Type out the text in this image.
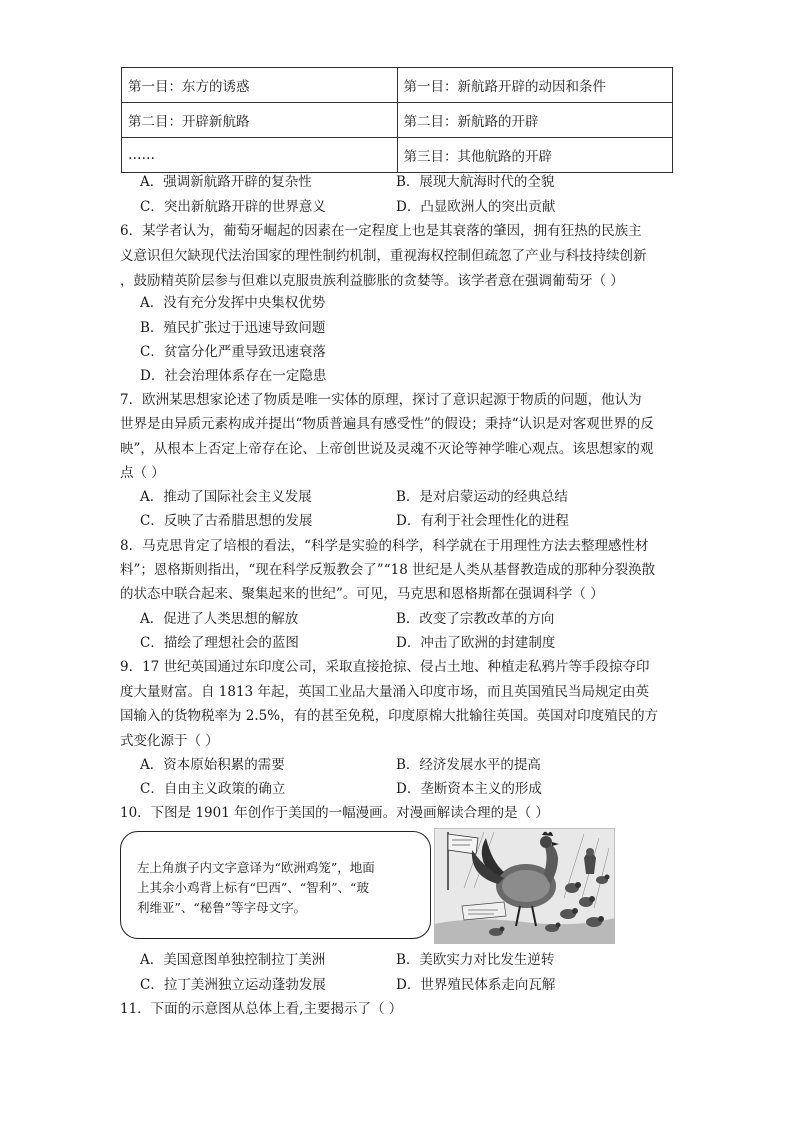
第一目：东方的诱惑	第一目：新航路开辟的动因和条件
第二目：开辟新航路	第二目：新航路的开辟
……	第三目：其他航路的开辟
A．强调新航路开辟的复杂性	B．展现大航海时代的全貌
C．突出新航路开辟的世界意义	D．凸显欧洲人的突出贡献
6．某学者认为，葡萄牙崛起的因素在一定程度上也是其衰落的肇因，拥有狂热的民族主
义意识但欠缺现代法治国家的理性制约机制，重视海权控制但疏忽了产业与科技持续创新
，鼓励精英阶层参与但难以克服贵族利益膨胀的贪婪等。该学者意在强调葡萄牙（ ）
A．没有充分发挥中央集权优势
B．殖民扩张过于迅速导致问题
C．贫富分化严重导致迅速衰落
D．社会治理体系存在一定隐患
7．欧洲某思想家论述了物质是唯一实体的原理，探讨了意识起源于物质的问题，他认为
世界是由异质元素构成并提出“物质普遍具有感受性”的假设；秉持“认识是对客观世界的反
映”，从根本上否定上帝存在论、上帝创世说及灵魂不灭论等神学唯心观点。该思想家的观
点（ ）
A．推动了国际社会主义发展	B．是对启蒙运动的经典总结
C．反映了古希腊思想的发展	D．有利于社会理性化的进程
8．马克思肯定了培根的看法，“科学是实验的科学，科学就在于用理性方法去整理感性材
料”；恩格斯则指出，“现在科学反叛教会了”“18 世纪是人类从基督教造成的那种分裂涣散
的状态中联合起来、聚集起来的世纪”。可见，马克思和恩格斯都在强调科学（ ）
A．促进了人类思想的解放	B．改变了宗教改革的方向
C．描绘了理想社会的蓝图	D．冲击了欧洲的封建制度
9．17 世纪英国通过东印度公司，采取直接抢掠、侵占土地、种植走私鸦片等手段掠夺印
度大量财富。自 1813 年起，英国工业品大量涌入印度市场，而且英国殖民当局规定由英
国输入的货物税率为 2.5%，有的甚至免税，印度原棉大批输往英国。英国对印度殖民的方
式变化源于（ ）
A．资本原始积累的需要	B．经济发展水平的提高
C．自由主义政策的确立	D．垄断资本主义的形成
10．下图是 1901 年创作于美国的一幅漫画。对漫画解读合理的是（ ）
左上角旗子内文字意译为“欧洲鸡笼”，地面
上其余小鸡背上标有“巴西”、“智利”、“玻
利维亚”、“秘鲁”等字母文字。
A．美国意图单独控制拉丁美洲	B．美欧实力对比发生逆转
C．拉丁美洲独立运动蓬勃发展	D．世界殖民体系走向瓦解
11．下面的示意图从总体上看,主要揭示了（ ）
